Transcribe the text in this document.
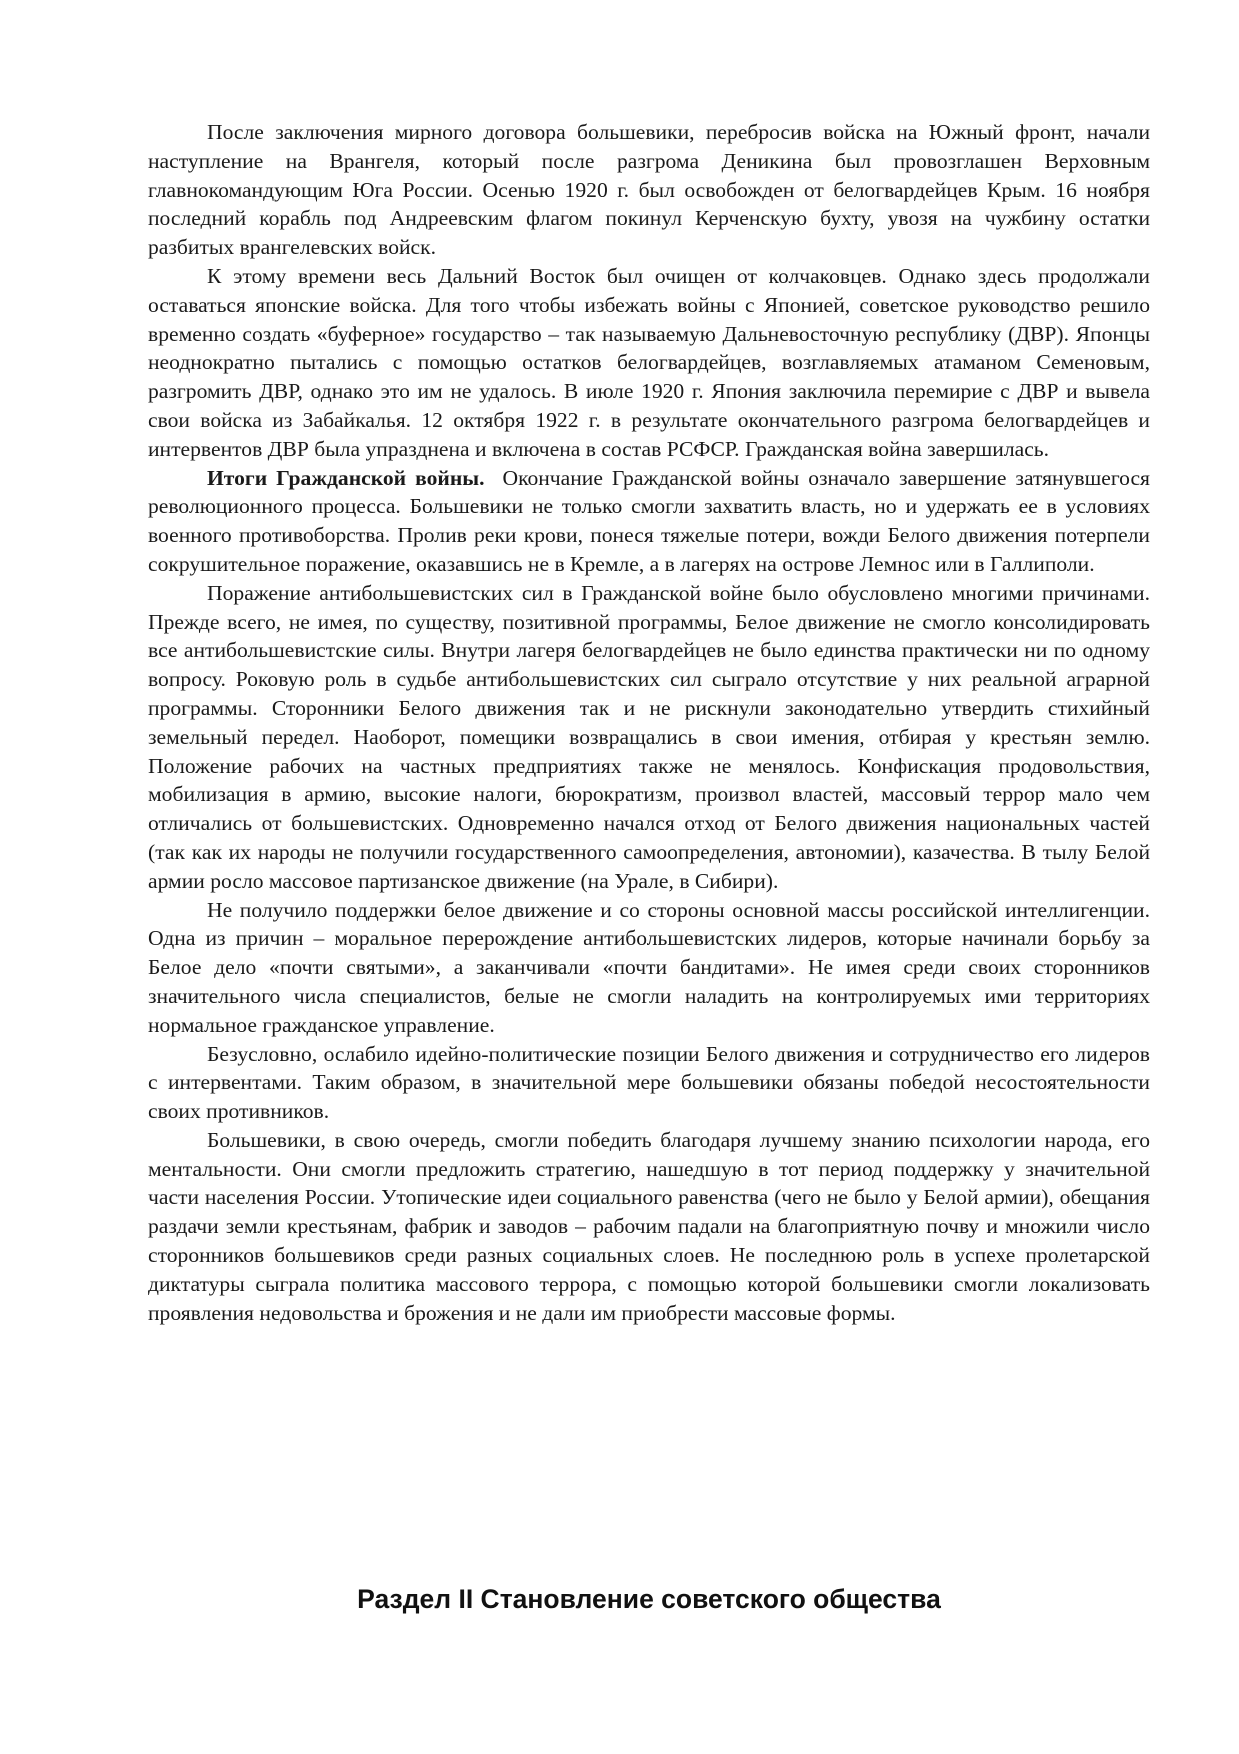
После заключения мирного договора большевики, перебросив войска на Южный фронт, начали наступление на Врангеля, который после разгрома Деникина был провозглашен Верховным главнокомандующим Юга России. Осенью 1920 г. был освобожден от белогвардейцев Крым. 16 ноября последний корабль под Андреевским флагом покинул Керченскую бухту, увозя на чужбину остатки разбитых врангелевских войск.

К этому времени весь Дальний Восток был очищен от колчаковцев. Однако здесь продолжали оставаться японские войска. Для того чтобы избежать войны с Японией, советское руководство решило временно создать «буферное» государство – так называемую Дальневосточную республику (ДВР). Японцы неоднократно пытались с помощью остатков белогвардейцев, возглавляемых атаманом Семеновым, разгромить ДВР, однако это им не удалось. В июле 1920 г. Япония заключила перемирие с ДВР и вывела свои войска из Забайкалья. 12 октября 1922 г. в результате окончательного разгрома белогвардейцев и интервентов ДВР была упразднена и включена в состав РСФСР. Гражданская война завершилась.

Итоги Гражданской войны. Окончание Гражданской войны означало завершение затянувшегося революционного процесса. Большевики не только смогли захватить власть, но и удержать ее в условиях военного противоборства. Пролив реки крови, понеся тяжелые потери, вожди Белого движения потерпели сокрушительное поражение, оказавшись не в Кремле, а в лагерях на острове Лемнос или в Галлиполи.

Поражение антибольшевистских сил в Гражданской войне было обусловлено многими причинами. Прежде всего, не имея, по существу, позитивной программы, Белое движение не смогло консолидировать все антибольшевистские силы. Внутри лагеря белогвардейцев не было единства практически ни по одному вопросу. Роковую роль в судьбе антибольшевистских сил сыграло отсутствие у них реальной аграрной программы. Сторонники Белого движения так и не рискнули законодательно утвердить стихийный земельный передел. Наоборот, помещики возвращались в свои имения, отбирая у крестьян землю. Положение рабочих на частных предприятиях также не менялось. Конфискация продовольствия, мобилизация в армию, высокие налоги, бюрократизм, произвол властей, массовый террор мало чем отличались от большевистских. Одновременно начался отход от Белого движения национальных частей (так как их народы не получили государственного самоопределения, автономии), казачества. В тылу Белой армии росло массовое партизанское движение (на Урале, в Сибири).

Не получило поддержки белое движение и со стороны основной массы российской интеллигенции. Одна из причин – моральное перерождение антибольшевистских лидеров, которые начинали борьбу за Белое дело «почти святыми», а заканчивали «почти бандитами». Не имея среди своих сторонников значительного числа специалистов, белые не смогли наладить на контролируемых ими территориях нормальное гражданское управление.

Безусловно, ослабило идейно-политические позиции Белого движения и сотрудничество его лидеров с интервентами. Таким образом, в значительной мере большевики обязаны победой несостоятельности своих противников.

Большевики, в свою очередь, смогли победить благодаря лучшему знанию психологии народа, его ментальности. Они смогли предложить стратегию, нашедшую в тот период поддержку у значительной части населения России. Утопические идеи социального равенства (чего не было у Белой армии), обещания раздачи земли крестьянам, фабрик и заводов – рабочим падали на благоприятную почву и множили число сторонников большевиков среди разных социальных слоев. Не последнюю роль в успехе пролетарской диктатуры сыграла политика массового террора, с помощью которой большевики смогли локализовать проявления недовольства и брожения и не дали им приобрести массовые формы.

Раздел II Становление советского общества
